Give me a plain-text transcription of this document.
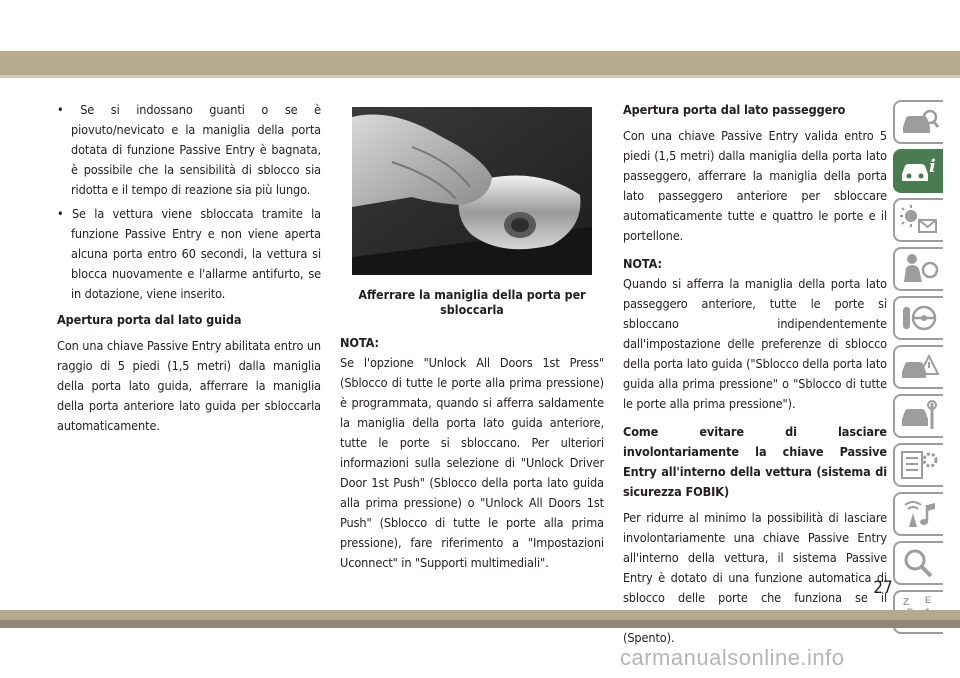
• Se si indossano guanti o se è piovuto/nevicato e la maniglia della porta dotata di funzione Passive Entry è bagnata, è possibile che la sensibilità di sblocco sia ridotta e il tempo di reazione sia più lungo.

• Se la vettura viene sbloccata tramite la funzione Passive Entry e non viene aperta alcuna porta entro 60 secondi, la vettura si blocca nuovamente e l'allarme antifurto, se in dotazione, viene inserito.

Apertura porta dal lato guida

Con una chiave Passive Entry abilitata entro un raggio di 5 piedi (1,5 metri) dalla maniglia della porta lato guida, afferrare la maniglia della porta anteriore lato guida per sbloccarla automaticamente.

Afferrare la maniglia della porta per sbloccarla

NOTA:

Se l'opzione "Unlock All Doors 1st Press" (Sblocco di tutte le porte alla prima pressione) è programmata, quando si afferra saldamente la maniglia della porta lato guida anteriore, tutte le porte si sbloccano. Per ulteriori informazioni sulla selezione di "Unlock Driver Door 1st Push" (Sblocco della porta lato guida alla prima pressione) o "Unlock All Doors 1st Push" (Sblocco di tutte le porte alla prima pressione), fare riferimento a "Impostazioni Uconnect" in "Supporti multimediali".

Apertura porta dal lato passeggero

Con una chiave Passive Entry valida entro 5 piedi (1,5 metri) dalla maniglia della porta lato passeggero, afferrare la maniglia della porta lato passeggero anteriore per sbloccare automaticamente tutte e quattro le porte e il portellone.

NOTA:

Quando si afferra la maniglia della porta lato passeggero anteriore, tutte le porte si sbloccano indipendentemente dall'impostazione delle preferenze di sblocco della porta lato guida ("Sblocco della porta lato guida alla prima pressione" o "Sblocco di tutte le porte alla prima pressione").

Come evitare di lasciare involontariamente la chiave Passive Entry all'interno della vettura (sistema di sicurezza FOBIK)

Per ridurre al minimo la possibilità di lasciare involontariamente una chiave Passive Entry all'interno della vettura, il sistema Passive Entry è dotato di una funzione automatica di sblocco delle porte che funziona se il (Spento).

i
Z E
27
carmanualsonline.info
